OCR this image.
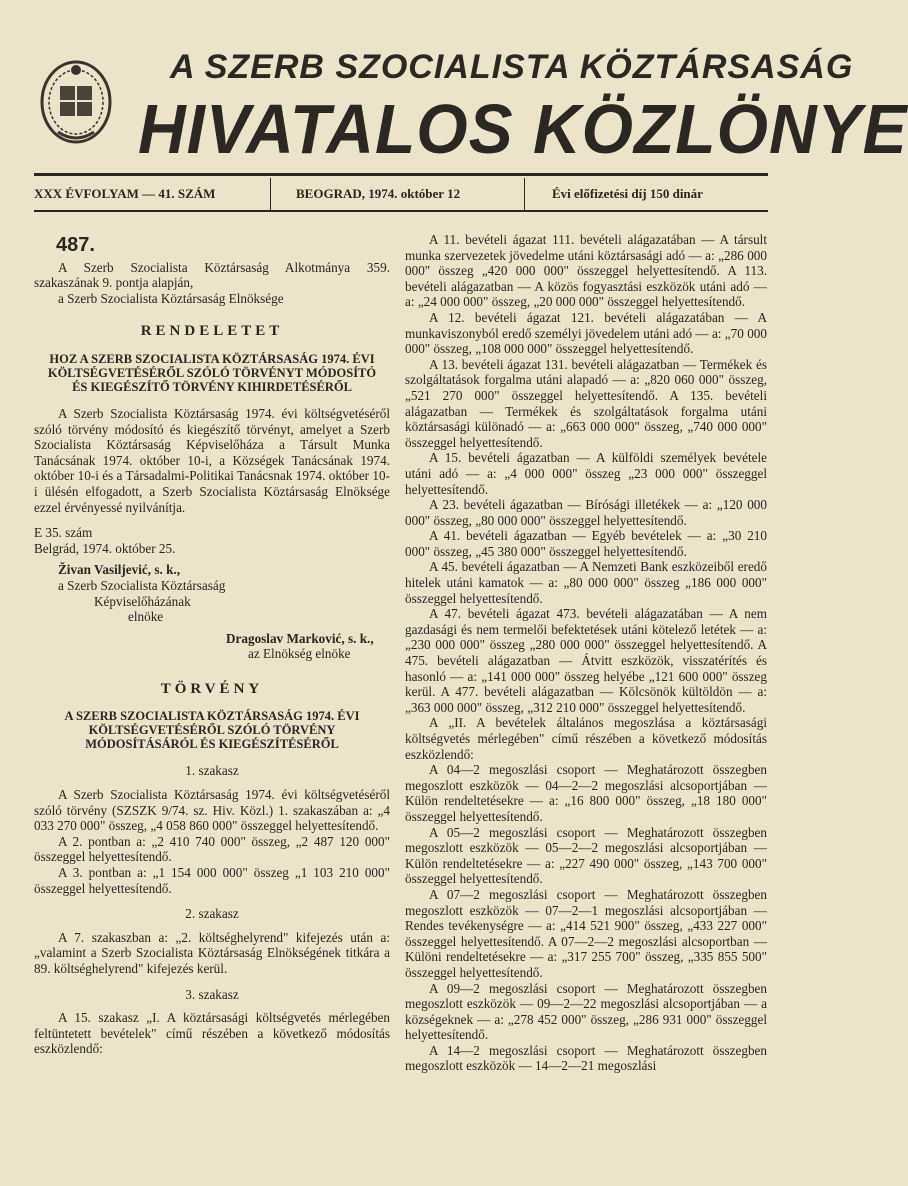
A SZERB SZOCIALISTA KÖZTÁRSASÁG
HIVATALOS KÖZLÖNYE
XXX ÉVFOLYAM — 41. SZÁM	BEOGRAD, 1974. október 12	Évi előfizetési díj 150 dinár
487.

A Szerb Szocialista Köztársaság Alkotmánya 359. szakaszának 9. pontja alapján,

a Szerb Szocialista Köztársaság Elnöksége

RENDELETET
HOZ A SZERB SZOCIALISTA KÖZTÁRSASÁG 1974. ÉVI KÖLTSÉGVETÉSÉRŐL SZÓLÓ TÖRVÉNYT MÓDOSÍTÓ ÉS KIEGÉSZÍTŐ TÖRVÉNY KIHIRDETÉSÉRŐL

A Szerb Szocialista Köztársaság 1974. évi költségvetéséről szóló törvény módosító és kiegészítő törvényt, amelyet a Szerb Szocialista Köztársaság Képviselőháza a Társult Munka Tanácsának 1974. október 10-i, a Községek Tanácsának 1974. október 10-i és a Társadalmi-Politikai Tanácsnak 1974. október 10-i ülésén elfogadott, a Szerb Szocialista Köztársaság Elnöksége ezzel érvényessé nyilvánítja.

E 35. szám

Belgrád, 1974. október 25.

Živan Vasiljević, s. k.,

a Szerb Szocialista Köztársaság

Képviselőházának

elnöke

Dragoslav Marković, s. k.,

az Elnökség elnöke

TÖRVÉNY
A SZERB SZOCIALISTA KÖZTÁRSASÁG 1974. ÉVI KÖLTSÉGVETÉSÉRŐL SZÓLÓ TÖRVÉNY MÓDOSÍTÁSÁRÓL ÉS KIEGÉSZÍTÉSÉRŐL
1. szakasz

A Szerb Szocialista Köztársaság 1974. évi költségvetéséről szóló törvény (SZSZK 9/74. sz. Hiv. Közl.) 1. szakaszában a: „4 033 270 000" összeg, „4 058 860 000" összeggel helyettesítendő.

A 2. pontban a: „2 410 740 000" összeg, „2 487 120 000" összeggel helyettesítendő.

A 3. pontban a: „1 154 000 000" összeg „1 103 210 000" összeggel helyettesítendő.

2. szakasz

A 7. szakaszban a: „2. költséghelyrend" kifejezés után a: „valamint a Szerb Szocialista Köztársaság Elnökségének titkára a 89. költséghelyrend" kifejezés kerül.

3. szakasz

A 15. szakasz „I. A köztársasági költségvetés mérlegében feltüntetett bevételek" című részében a következő módosítás eszközlendő:

A 11. bevételi ágazat 111. bevételi alágazatában — A társult munka szervezetek jövedelme utáni köztársasági adó — a: „286 000 000" összeg „420 000 000" összeggel helyettesítendő. A 113. bevételi alágazatban — A közös fogyasztási eszközök utáni adó — a: „24 000 000" összeg, „20 000 000" összeggel helyettesítendő.

A 12. bevételi ágazat 121. bevételi alágazatában — A munkaviszonyból eredő személyi jövedelem utáni adó — a: „70 000 000" összeg, „108 000 000" összeggel helyettesítendő.

A 13. bevételi ágazat 131. bevételi alágazatban — Termékek és szolgáltatások forgalma utáni alapadó — a: „820 060 000" összeg, „521 270 000" összeggel helyettesítendő. A 135. bevételi alágazatban — Termékek és szolgáltatások forgalma utáni köztársasági különadó — a: „663 000 000" összeg, „740 000 000" összeggel helyettesítendő.

A 15. bevételi ágazatban — A külföldi személyek bevétele utáni adó — a: „4 000 000" összeg „23 000 000" összeggel helyettesítendő.

A 23. bevételi ágazatban — Bírósági illetékek — a: „120 000 000" összeg, „80 000 000" összeggel helyettesítendő.

A 41. bevételi ágazatban — Egyéb bevételek — a: „30 210 000" összeg, „45 380 000" összeggel helyettesítendő.

A 45. bevételi ágazatban — A Nemzeti Bank eszközeiből eredő hitelek utáni kamatok — a: „80 000 000" összeg „186 000 000" összeggel helyettesítendő.

A 47. bevételi ágazat 473. bevételi alágazatában — A nem gazdasági és nem termelői befektetések utáni kötelező letétek — a: „230 000 000" összeg „280 000 000" összeggel helyettesítendő. A 475. bevételi alágazatban — Átvitt eszközök, visszatérítés és hasonló — a: „141 000 000" összeg helyébe „121 600 000" összeg kerül. A 477. bevételi alágazatban — Kölcsönök kültöldön — a: „363 000 000" összeg, „312 210 000" összeggel helyettesítendő.

A „II. A bevételek általános megoszlása a köztársasági költségvetés mérlegében" című részében a következő módosítás eszközlendő:

A 04—2 megoszlási csoport — Meghatározott összegben megoszlott eszközök — 04—2—2 megoszlási alcsoportjában — Külön rendeltetésekre — a: „16 800 000" összeg, „18 180 000" összeggel helyettesítendő.

A 05—2 megoszlási csoport — Meghatározott összegben megoszlott eszközök — 05—2—2 megoszlási alcsoportjában — Külön rendeltetésekre — a: „227 490 000" összeg, „143 700 000" összeggel helyettesítendő.

A 07—2 megoszlási csoport — Meghatározott összegben megoszlott eszközök — 07—2—1 megoszlási alcsoportjában — Rendes tevékenységre — a: „414 521 900" összeg, „433 227 000" összeggel helyettesítendő. A 07—2—2 megoszlási alcsoportban — Különi rendeltetésekre — a: „317 255 700" összeg, „335 855 500" összeggel helyettesítendő.

A 09—2 megoszlási csoport — Meghatározott összegben megoszlott eszközök — 09—2—22 megoszlási alcsoportjában — a községeknek — a: „278 452 000" összeg, „286 931 000" összeggel helyettesítendő.

A 14—2 megoszlási csoport — Meghatározott összegben megoszlott eszközök — 14—2—21 megoszlási
